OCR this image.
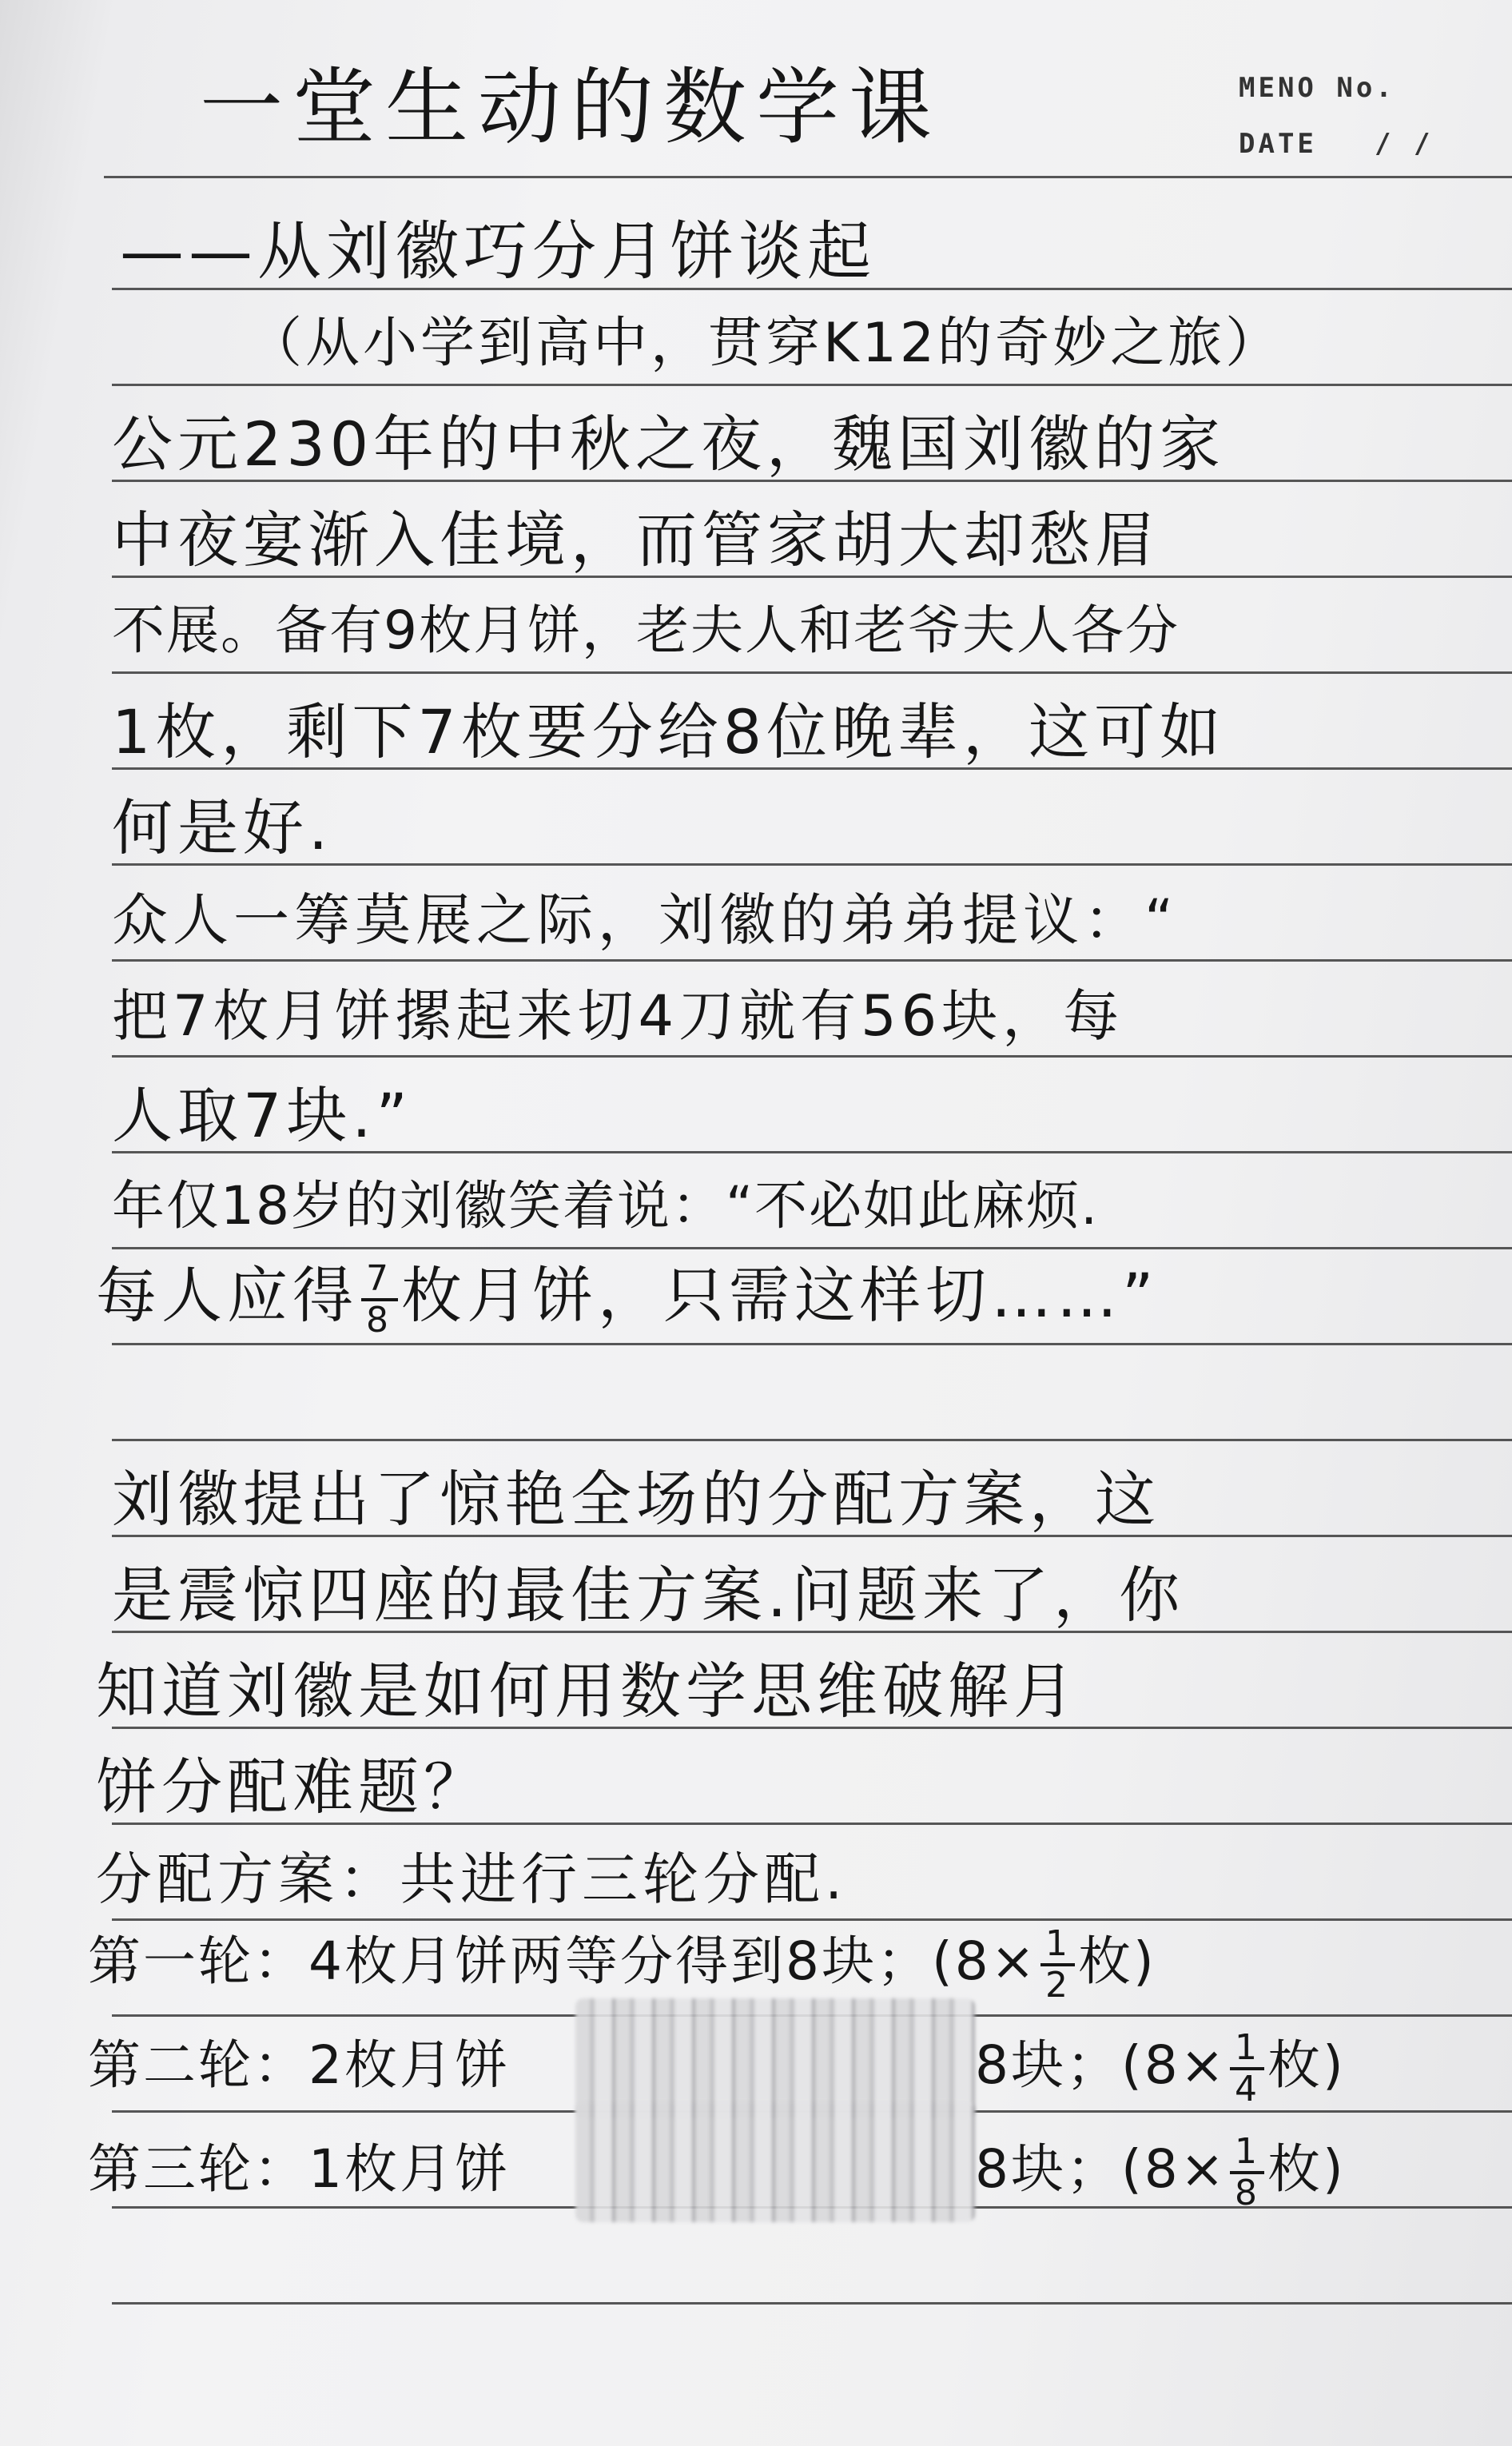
一堂生动的数学课	MENO No.
DATE / /
——从刘徽巧分月饼谈起
（从小学到高中，贯穿K12的奇妙之旅）
公元230年的中秋之夜，魏国刘徽的家
中夜宴渐入佳境，而管家胡大却愁眉
不展。备有9枚月饼，老夫人和老爷夫人各分
1枚，剩下7枚要分给8位晚辈，这可如
何是好.
众人一筹莫展之际，刘徽的弟弟提议：“
把7枚月饼摞起来切4刀就有56块，每
人取7块.”
年仅18岁的刘徽笑着说：“不必如此麻烦.
每人应得 $\frac{7}{8}$ 枚月饼，只需这样切……”
刘徽提出了惊艳全场的分配方案，这
是震惊四座的最佳方案.问题来了，你
知道刘徽是如何用数学思维破解月
饼分配难题？
分配方案：共进行三轮分配.
第一轮：4枚月饼两等分得到8块；($8\times \frac{1}{2}$ 枚)
第二轮：2枚月饼	8块；($8\times \frac{1}{4}$ 枚)
第三轮：1枚月饼	8块；($8\times \frac{1}{8}$ 枚)
